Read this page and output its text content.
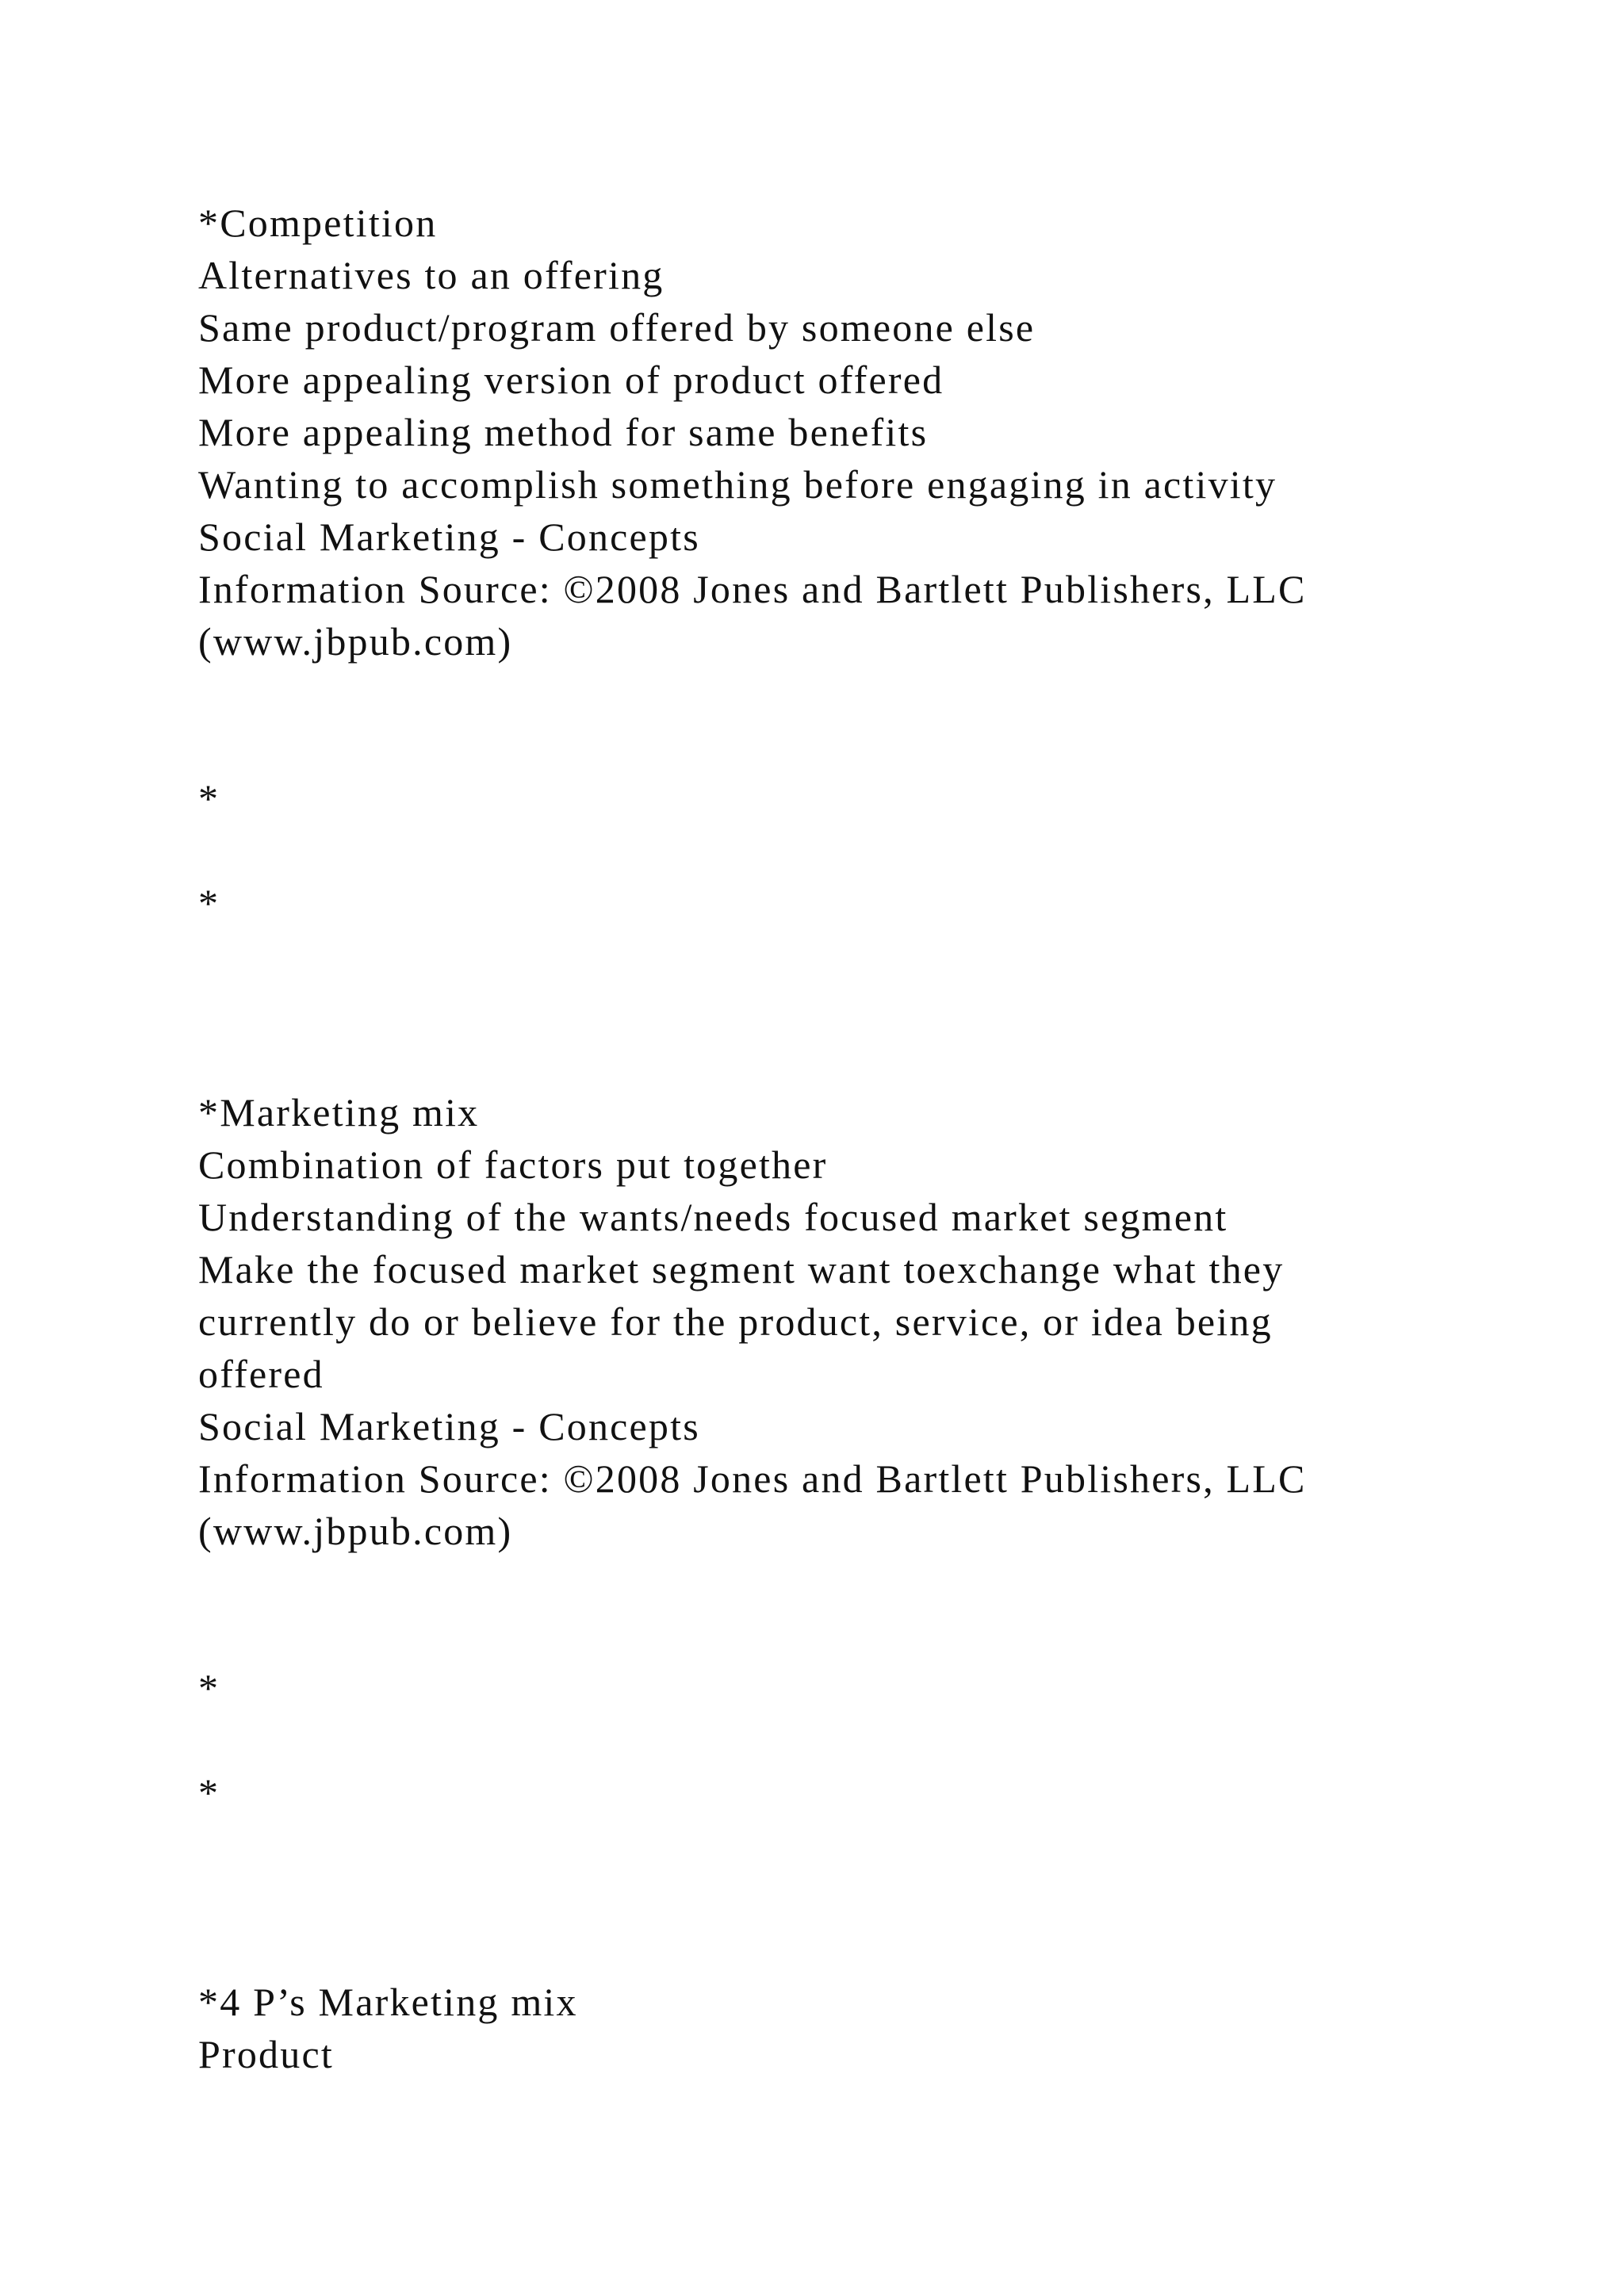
*Competition

Alternatives to an offering

Same product/program offered by someone else

More appealing version of product offered

More appealing method for same benefits

Wanting to accomplish something before engaging in activity

Social Marketing - Concepts

Information Source: ©2008 Jones and Bartlett Publishers, LLC

(www.jbpub.com)

*

*

*Marketing mix

Combination of factors put together

Understanding of the wants/needs focused market segment

Make the focused market segment want toexchange what they

currently do or believe for the product, service, or idea being

offered

Social Marketing - Concepts

Information Source: ©2008 Jones and Bartlett Publishers, LLC

(www.jbpub.com)

*

*

*4 P’s Marketing mix

Product
